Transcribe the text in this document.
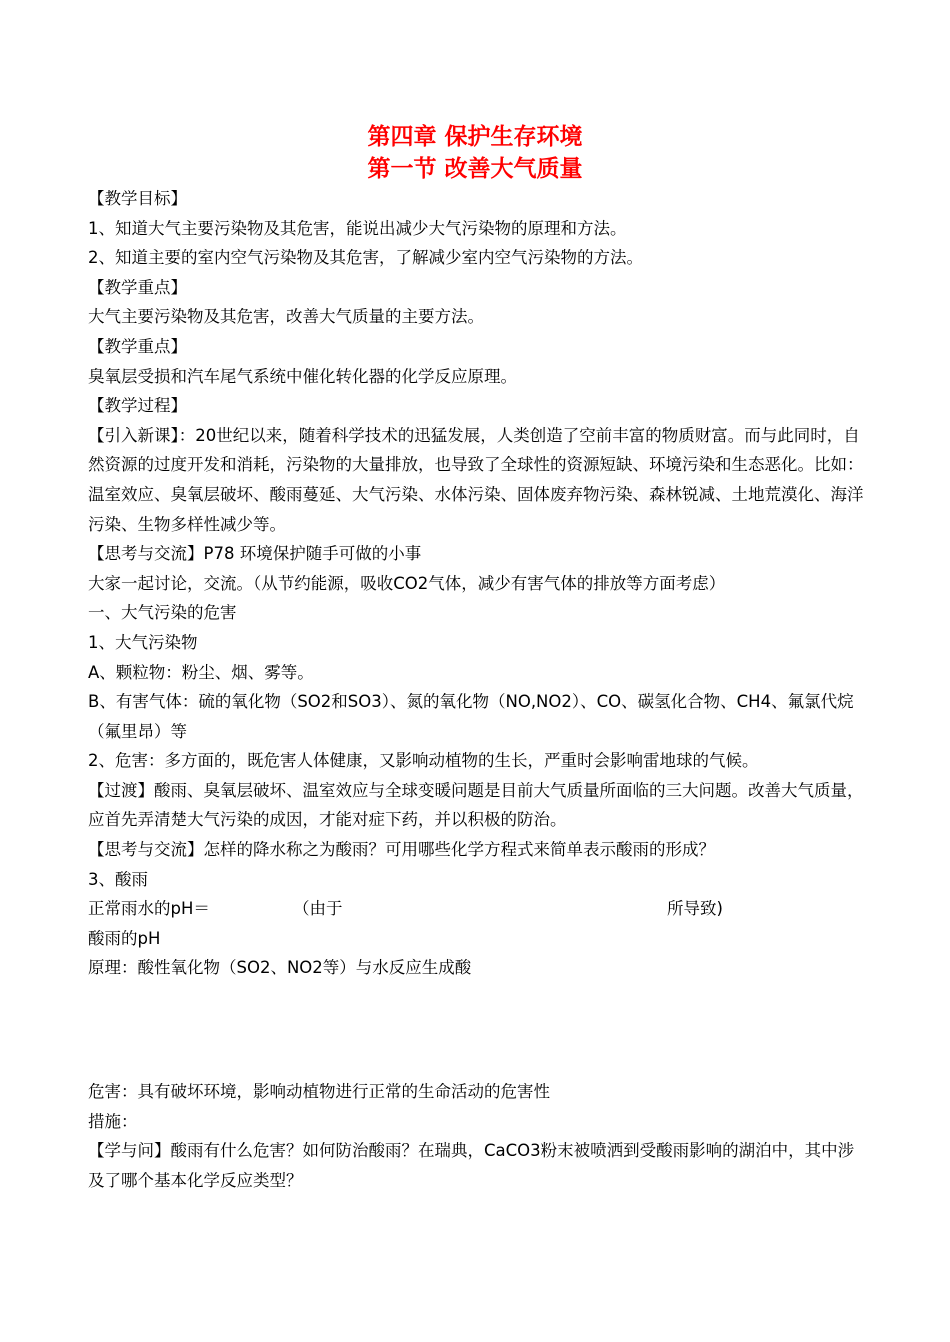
第四章 保护生存环境
第一节 改善大气质量

【教学目标】

1、知道大气主要污染物及其危害，能说出减少大气污染物的原理和方法。

2、知道主要的室内空气污染物及其危害，了解减少室内空气污染物的方法。

【教学重点】

大气主要污染物及其危害，改善大气质量的主要方法。

【教学重点】

臭氧层受损和汽车尾气系统中催化转化器的化学反应原理。

【教学过程】

【引入新课】：20世纪以来，随着科学技术的迅猛发展，人类创造了空前丰富的物质财富。而与此同时，自然资源的过度开发和消耗，污染物的大量排放，也导致了全球性的资源短缺、环境污染和生态恶化。比如：温室效应、臭氧层破坏、酸雨蔓延、大气污染、水体污染、固体废弃物污染、森林锐减、土地荒漠化、海洋污染、生物多样性减少等。

【思考与交流】P78 环境保护随手可做的小事

大家一起讨论，交流。（从节约能源，吸收CO2气体，减少有害气体的排放等方面考虑）

一、大气污染的危害

1、大气污染物

A、颗粒物：粉尘、烟、雾等。

B、有害气体：硫的氧化物（SO2和SO3）、氮的氧化物（NO,NO2）、CO、碳氢化合物、CH4、氟氯代烷（氟里昂）等

2、危害：多方面的，既危害人体健康，又影响动植物的生长，严重时会影响雷地球的气候。

【过渡】酸雨、臭氧层破坏、温室效应与全球变暖问题是目前大气质量所面临的三大问题。改善大气质量，应首先弄清楚大气污染的成因，才能对症下药，并以积极的防治。

【思考与交流】怎样的降水称之为酸雨？可用哪些化学方程式来简单表示酸雨的形成？

3、酸雨

正常雨水的pH＝	（由于	所导致)

酸雨的pH

原理：酸性氧化物（SO2、NO2等）与水反应生成酸

危害：具有破坏环境，影响动植物进行正常的生命活动的危害性

措施：

【学与问】酸雨有什么危害？如何防治酸雨？在瑞典，CaCO3粉末被喷洒到受酸雨影响的湖泊中，其中涉及了哪个基本化学反应类型？
